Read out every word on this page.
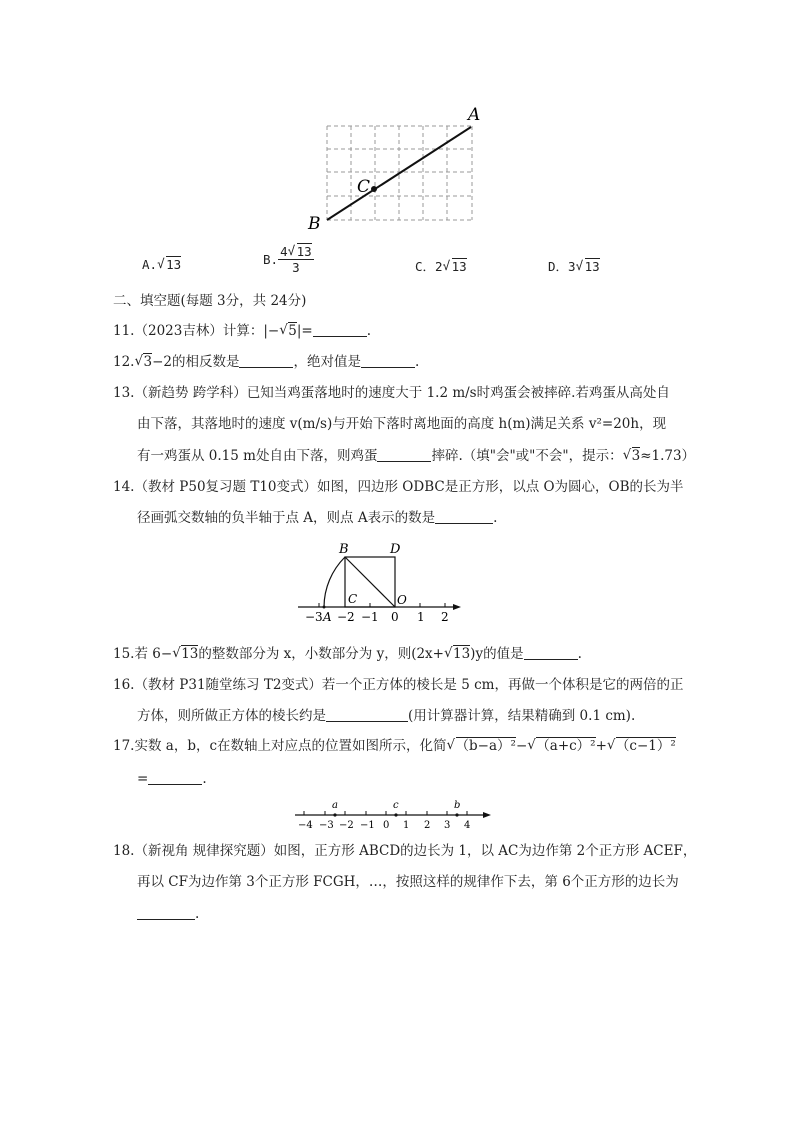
A
B
C
A. √ 13	B. $\frac{4 √ 13}{3}$	C．2 √ 13	D．3 √ 13
二、填空题(每题 3分，共 24分)
11.（2023吉林）计算：|− √ 5|=	.
12. √ 3−2的相反数是	，绝对值是	.
13.（新趋势 跨学科）已知当鸡蛋落地时的速度大于 1.2 m/s时鸡蛋会被摔碎.若鸡蛋从高处自
由下落，其落地时的速度 v(m/s)与开始下落时离地面的高度 h(m)满足关系 v²=20h，现
有一鸡蛋从 0.15 m处自由下落，则鸡蛋	摔碎.（填"会"或"不会"，提示： √ 3≈1.73）
14.（教材 P50复习题 T10变式）如图，四边形 ODBC是正方形，以点 O为圆心，OB的长为半
径画弧交数轴的负半轴于点 A，则点 A表示的数是	.
B	D
C	O
−3 A −2 −1 0 1 2
15.若 6− √ 13的整数部分为 x，小数部分为 y，则(2x+ √ 13)y的值是	.
16.（教材 P31随堂练习 T2变式）若一个正方体的棱长是 5 cm，再做一个体积是它的两倍的正
方体，则所做正方体的棱长约是	(用计算器计算，结果精确到 0.1 cm).
17.实数 a，b，c在数轴上对应点的位置如图所示，化简 √ （b−a）²− √ （a+c）²+ √ （c−1）²
=	.
a	c	b
−4 −3 −2 −1 0 1 2 3 4
18.（新视角 规律探究题）如图，正方形 ABCD的边长为 1，以 AC为边作第 2个正方形 ACEF，
再以 CF为边作第 3个正方形 FCGH，…，按照这样的规律作下去，第 6个正方形的边长为
.
